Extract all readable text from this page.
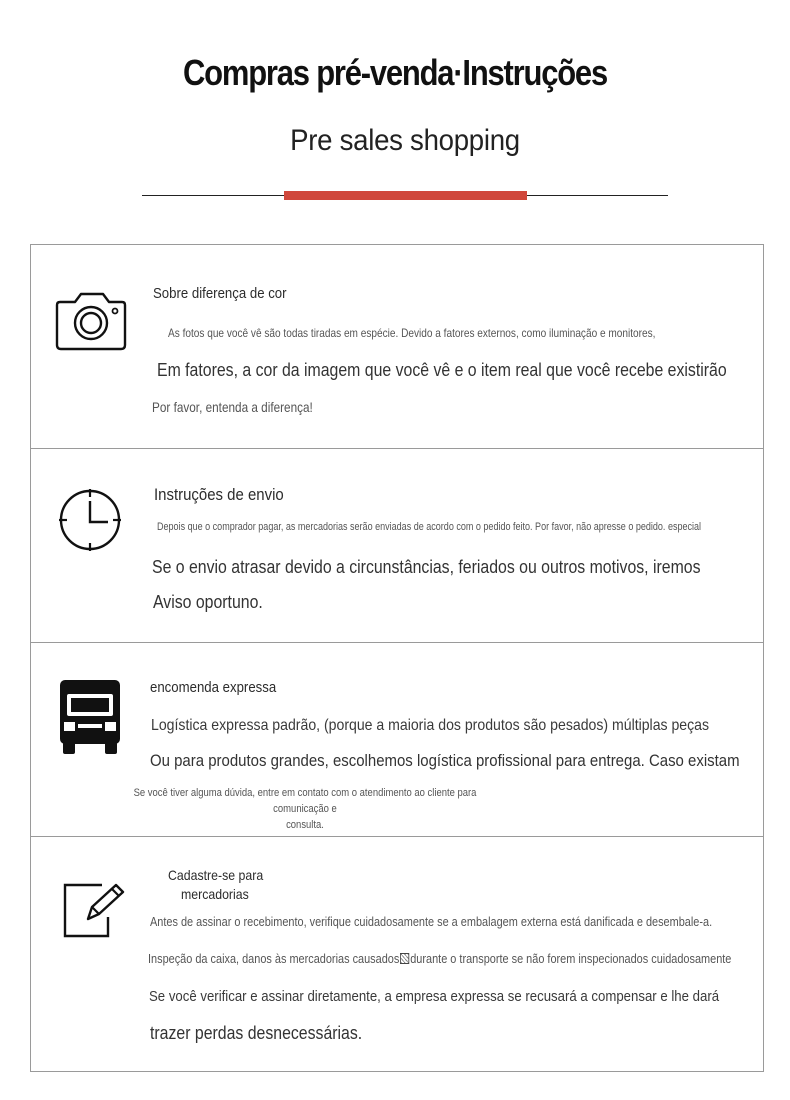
Compras pré-venda·Instruções
Pre sales shopping
Sobre diferença de cor
As fotos que você vê são todas tiradas em espécie. Devido a fatores externos, como iluminação e monitores,
Em fatores, a cor da imagem que você vê e o item real que você recebe existirão
Por favor, entenda a diferença!
Instruções de envio
Depois que o comprador pagar, as mercadorias serão enviadas de acordo com o pedido feito. Por favor, não apresse o pedido. especial
Se o envio atrasar devido a circunstâncias, feriados ou outros motivos, iremos
Aviso oportuno.
encomenda expressa
Logística expressa padrão, (porque a maioria dos produtos são pesados) múltiplas peças
Ou para produtos grandes, escolhemos logística profissional para entrega. Caso existam
Se você tiver alguma dúvida, entre em contato com o atendimento ao cliente para comunicação e
consulta.
Cadastre-se para
mercadorias
Antes de assinar o recebimento, verifique cuidadosamente se a embalagem externa está danificada e desembale-a.
Inspeção da caixa, danos às mercadorias causados durante o transporte se não forem inspecionados cuidadosamente
Se você verificar e assinar diretamente, a empresa expressa se recusará a compensar e lhe dará
trazer perdas desnecessárias.
